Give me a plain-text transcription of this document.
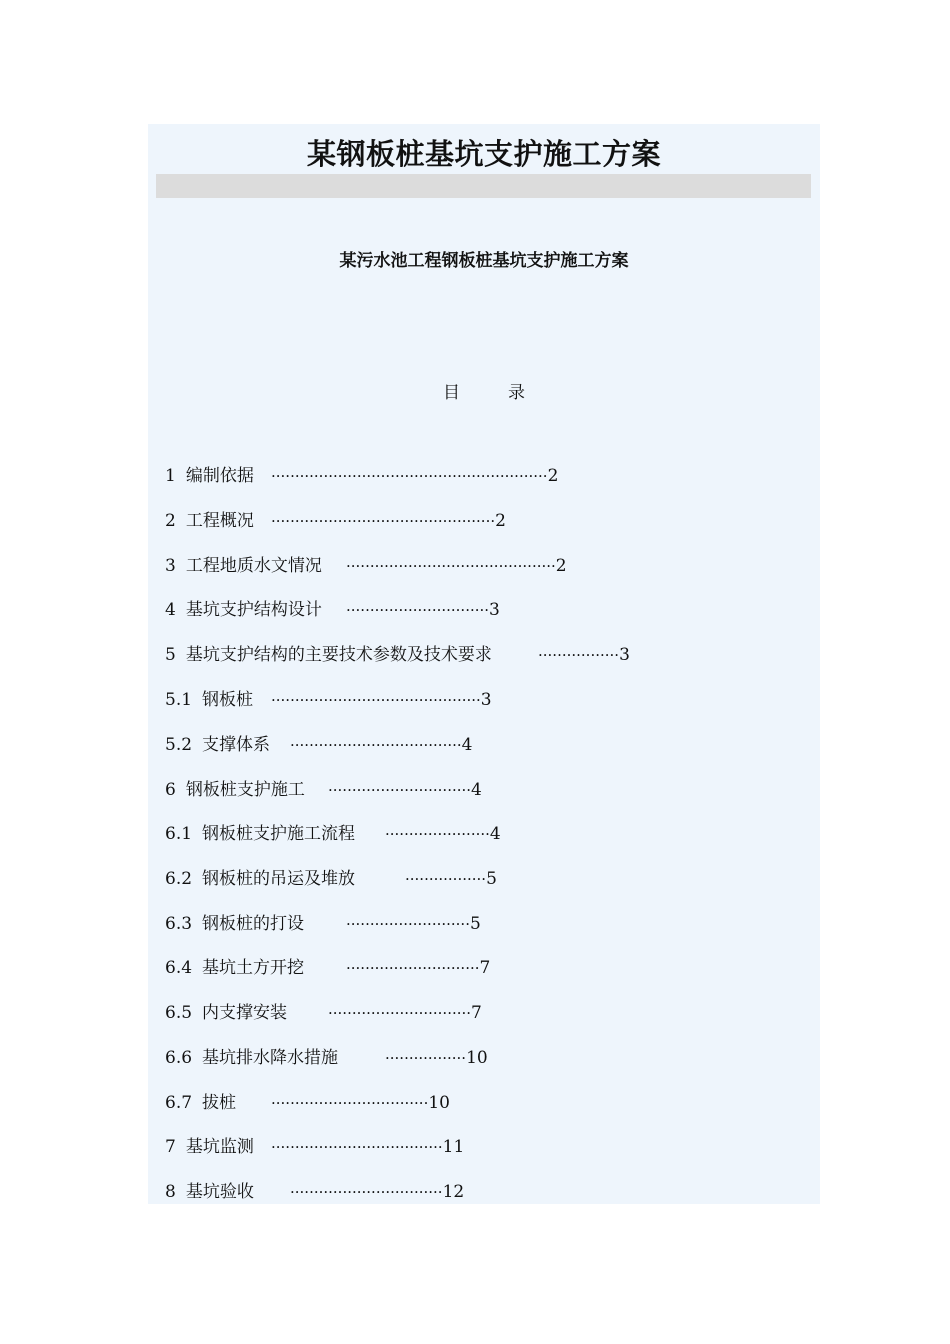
某钢板桩基坑支护施工方案
某污水池工程钢板桩基坑支护施工方案
目	录
1 编制依据 ··························································2
2 工程概况 ···············································2
3 工程地质水文情况 ············································2
4 基坑支护结构设计 ······························3
5 基坑支护结构的主要技术参数及技术要求	·················3
5.1 钢板桩 ············································3
5.2 支撑体系 ····································4
6 钢板桩支护施工 ······························4
6.1 钢板桩支护施工流程 ······················4
6.2 钢板桩的吊运及堆放	·················5
6.3 钢板桩的打设	··························5
6.4 基坑土方开挖	····························7
6.5 内支撑安装	······························7
6.6 基坑排水降水措施	·················10
6.7 拔桩 ·································10
7 基坑监测 ····································11
8 基坑验收 ································12
